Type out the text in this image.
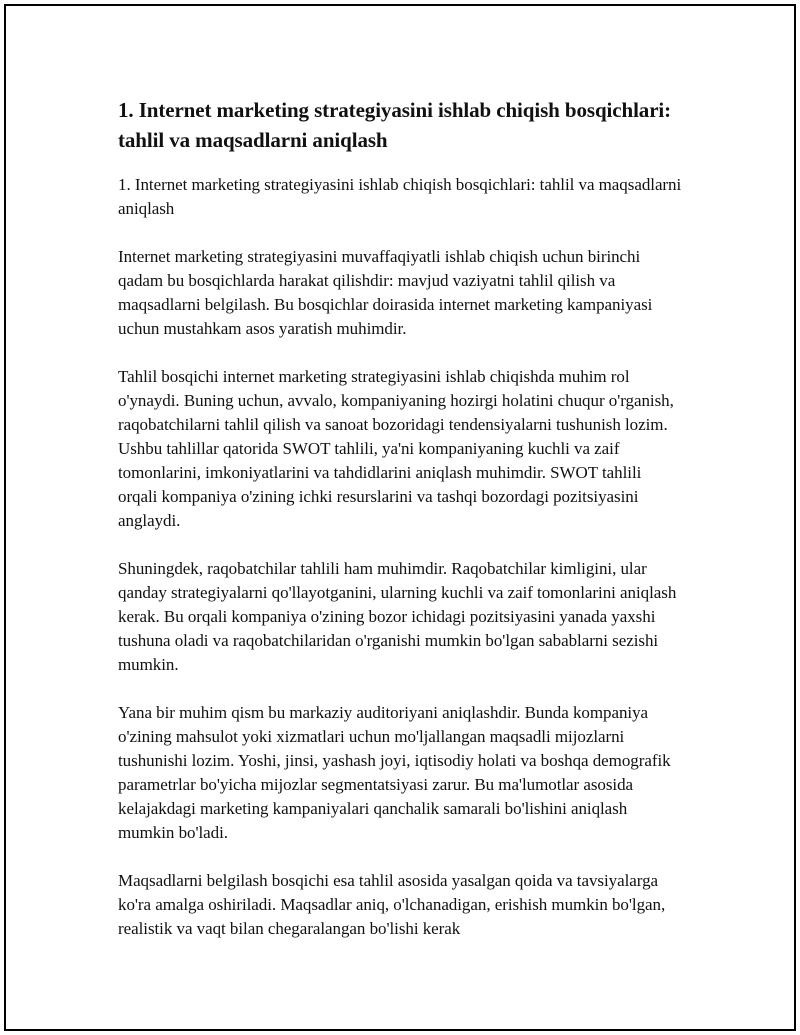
1. Internet marketing strategiyasini ishlab chiqish bosqichlari: tahlil va maqsadlarni aniqlash

1. Internet marketing strategiyasini ishlab chiqish bosqichlari: tahlil va maqsadlarni aniqlash

Internet marketing strategiyasini muvaffaqiyatli ishlab chiqish uchun birinchi qadam bu bosqichlarda harakat qilishdir: mavjud vaziyatni tahlil qilish va maqsadlarni belgilash. Bu bosqichlar doirasida internet marketing kampaniyasi uchun mustahkam asos yaratish muhimdir.

Tahlil bosqichi internet marketing strategiyasini ishlab chiqishda muhim rol o'ynaydi. Buning uchun, avvalo, kompaniyaning hozirgi holatini chuqur o'rganish, raqobatchilarni tahlil qilish va sanoat bozoridagi tendensiyalarni tushunish lozim. Ushbu tahlillar qatorida SWOT tahlili, ya'ni kompaniyaning kuchli va zaif tomonlarini, imkoniyatlarini va tahdidlarini aniqlash muhimdir. SWOT tahlili orqali kompaniya o'zining ichki resurslarini va tashqi bozordagi pozitsiyasini anglaydi.

Shuningdek, raqobatchilar tahlili ham muhimdir. Raqobatchilar kimligini, ular qanday strategiyalarni qo'llayotganini, ularning kuchli va zaif tomonlarini aniqlash kerak. Bu orqali kompaniya o'zining bozor ichidagi pozitsiyasini yanada yaxshi tushuna oladi va raqobatchilaridan o'rganishi mumkin bo'lgan sabablarni sezishi mumkin.

Yana bir muhim qism bu markaziy auditoriyani aniqlashdir. Bunda kompaniya o'zining mahsulot yoki xizmatlari uchun mo'ljallangan maqsadli mijozlarni tushunishi lozim. Yoshi, jinsi, yashash joyi, iqtisodiy holati va boshqa demografik parametrlar bo'yicha mijozlar segmentatsiyasi zarur. Bu ma'lumotlar asosida kelajakdagi marketing kampaniyalari qanchalik samarali bo'lishini aniqlash mumkin bo'ladi.

Maqsadlarni belgilash bosqichi esa tahlil asosida yasalgan qoida va tavsiyalarga ko'ra amalga oshiriladi. Maqsadlar aniq, o'lchanadigan, erishish mumkin bo'lgan, realistik va vaqt bilan chegaralangan bo'lishi kerak
